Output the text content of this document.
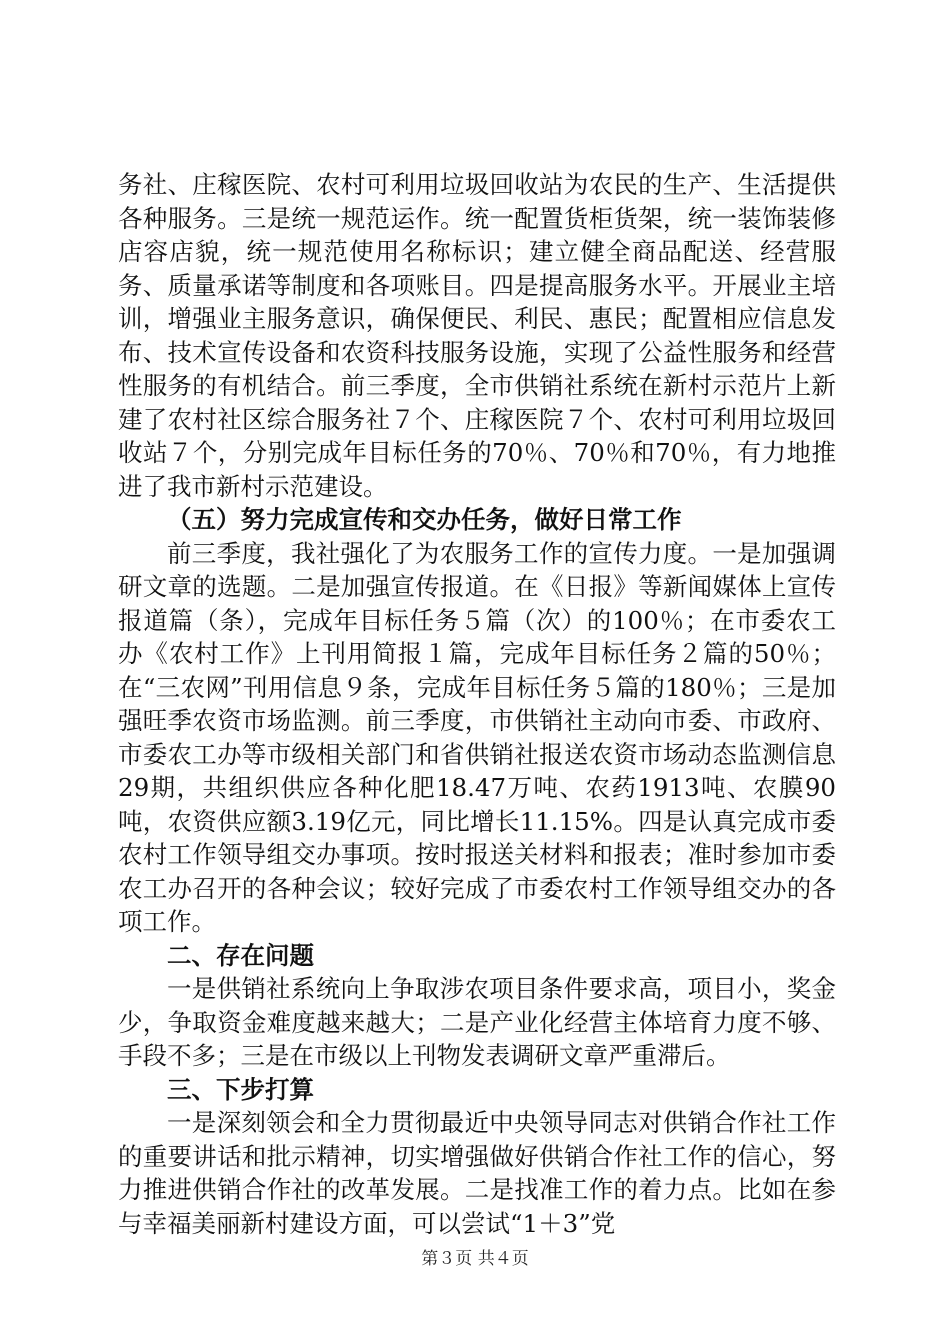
务社、庄稼医院、农村可利用垃圾回收站为农民的生产、生活提供各种服务。三是统一规范运作。统一配置货柜货架，统一装饰装修店容店貌，统一规范使用名称标识；建立健全商品配送、经营服务、质量承诺等制度和各项账目。四是提高服务水平。开展业主培训，增强业主服务意识，确保便民、利民、惠民；配置相应信息发布、技术宣传设备和农资科技服务设施，实现了公益性服务和经营性服务的有机结合。前三季度，全市供销社系统在新村示范片上新建了农村社区综合服务社７个、庄稼医院７个、农村可利用垃圾回收站７个，分别完成年目标任务的70％、70％和70％，有力地推进了我市新村示范建设。

（五）努力完成宣传和交办任务，做好日常工作

前三季度，我社强化了为农服务工作的宣传力度。一是加强调研文章的选题。二是加强宣传报道。在《日报》等新闻媒体上宣传报道篇（条），完成年目标任务５篇（次）的100％；在市委农工办《农村工作》上刊用简报１篇，完成年目标任务２篇的50％；在“三农网”刊用信息９条，完成年目标任务５篇的180％；三是加强旺季农资市场监测。前三季度，市供销社主动向市委、市政府、市委农工办等市级相关部门和省供销社报送农资市场动态监测信息29期，共组织供应各种化肥18.47万吨、农药1913吨、农膜90吨，农资供应额3.19亿元，同比增长11.15%。四是认真完成市委农村工作领导组交办事项。按时报送关材料和报表；准时参加市委农工办召开的各种会议；较好完成了市委农村工作领导组交办的各项工作。

二、存在问题

一是供销社系统向上争取涉农项目条件要求高，项目小，奖金少，争取资金难度越来越大；二是产业化经营主体培育力度不够、手段不多；三是在市级以上刊物发表调研文章严重滞后。

三、下步打算

一是深刻领会和全力贯彻最近中央领导同志对供销合作社工作的重要讲话和批示精神，切实增强做好供销合作社工作的信心，努力推进供销合作社的改革发展。二是找准工作的着力点。比如在参与幸福美丽新村建设方面，可以尝试“1＋3”党

第３页 共４页
